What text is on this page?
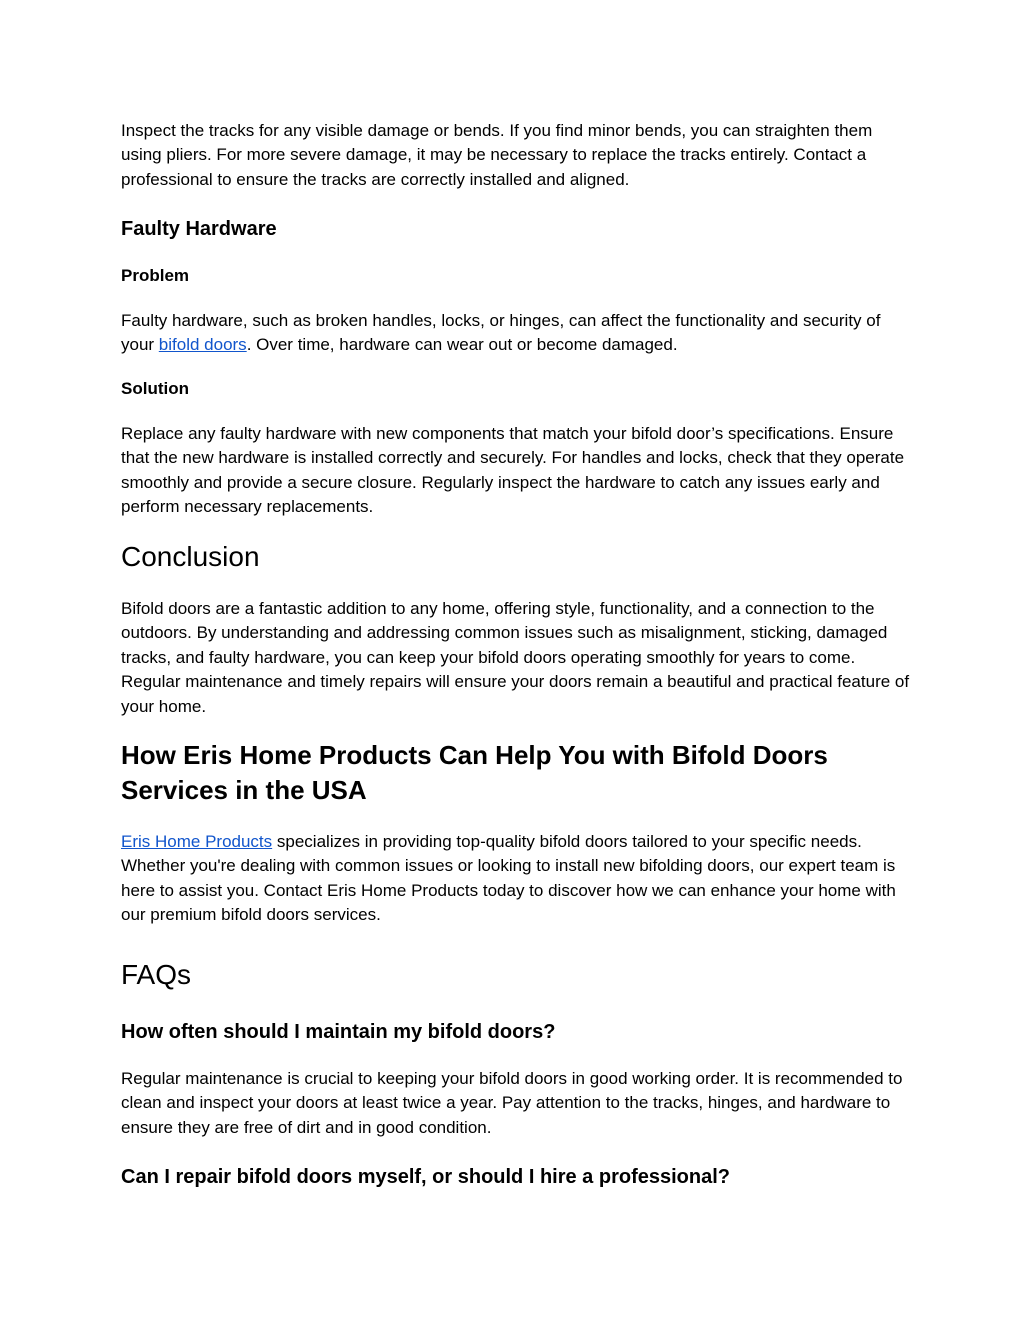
Inspect the tracks for any visible damage or bends. If you find minor bends, you can straighten them using pliers. For more severe damage, it may be necessary to replace the tracks entirely. Contact a professional to ensure the tracks are correctly installed and aligned.

Faulty Hardware
Problem

Faulty hardware, such as broken handles, locks, or hinges, can affect the functionality and security of your bifold doors. Over time, hardware can wear out or become damaged.

Solution

Replace any faulty hardware with new components that match your bifold door’s specifications. Ensure that the new hardware is installed correctly and securely. For handles and locks, check that they operate smoothly and provide a secure closure. Regularly inspect the hardware to catch any issues early and perform necessary replacements.

Conclusion

Bifold doors are a fantastic addition to any home, offering style, functionality, and a connection to the outdoors. By understanding and addressing common issues such as misalignment, sticking, damaged tracks, and faulty hardware, you can keep your bifold doors operating smoothly for years to come. Regular maintenance and timely repairs will ensure your doors remain a beautiful and practical feature of your home.

How Eris Home Products Can Help You with Bifold Doors Services in the USA

Eris Home Products specializes in providing top-quality bifold doors tailored to your specific needs. Whether you're dealing with common issues or looking to install new bifolding doors, our expert team is here to assist you. Contact Eris Home Products today to discover how we can enhance your home with our premium bifold doors services.

FAQs
How often should I maintain my bifold doors?

Regular maintenance is crucial to keeping your bifold doors in good working order. It is recommended to clean and inspect your doors at least twice a year. Pay attention to the tracks, hinges, and hardware to ensure they are free of dirt and in good condition.

Can I repair bifold doors myself, or should I hire a professional?
